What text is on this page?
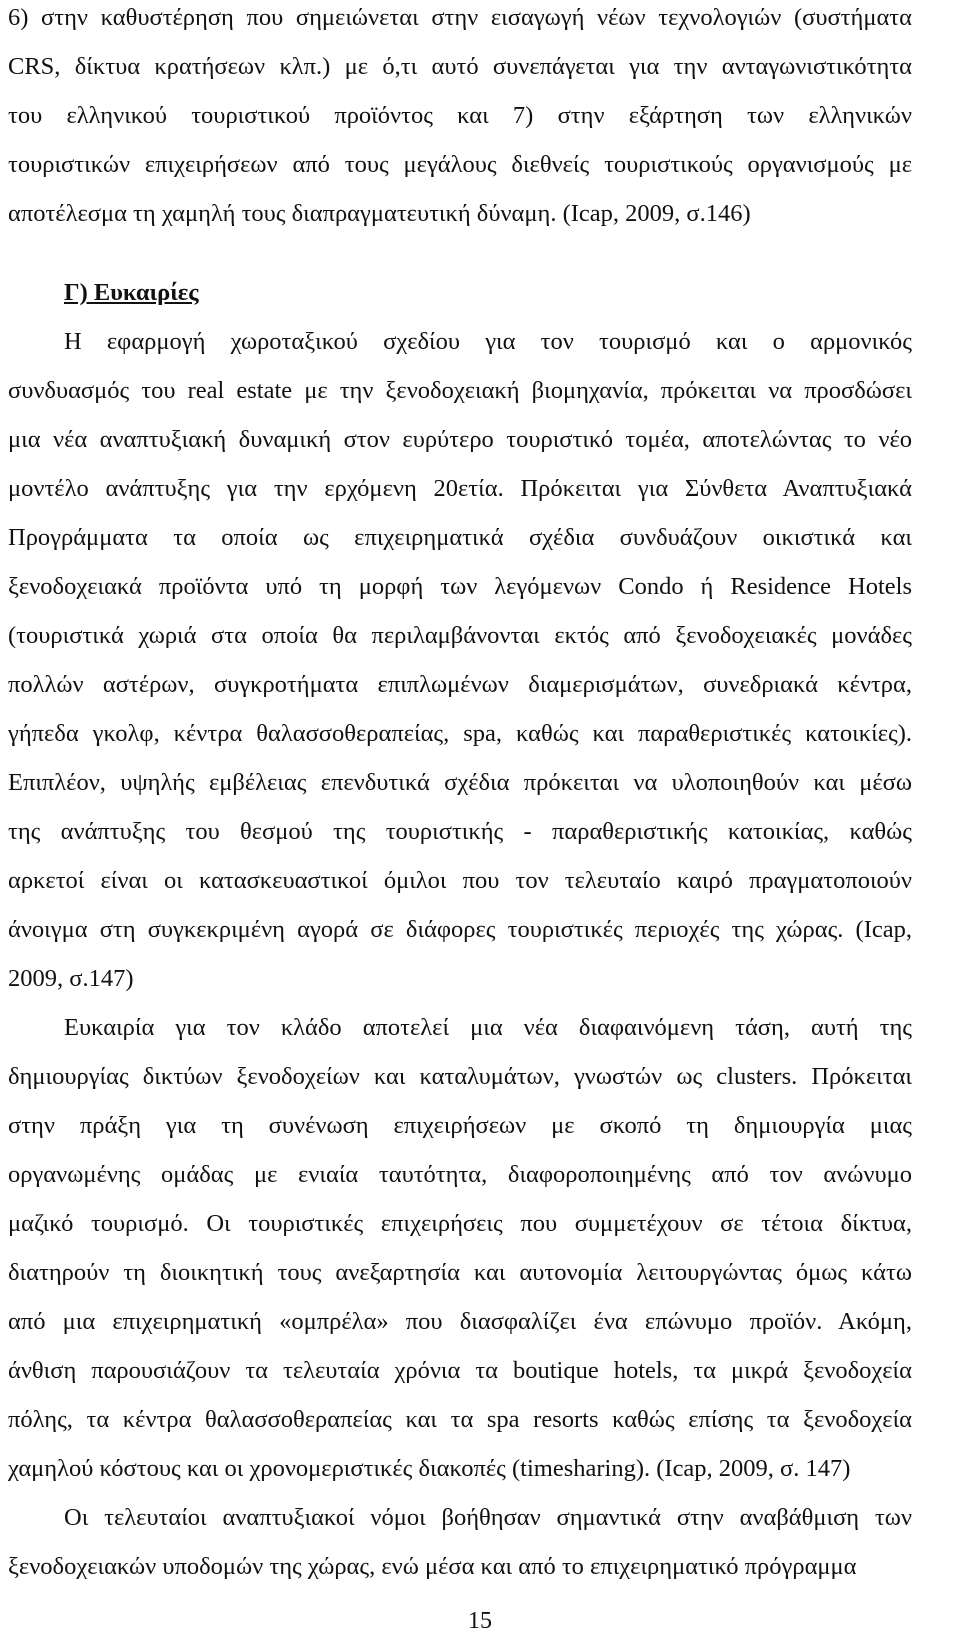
6) στην καθυστέρηση που σημειώνεται στην εισαγωγή νέων τεχνολογιών (συστήματα
CRS, δίκτυα κρατήσεων κλπ.) με ό,τι αυτό συνεπάγεται για την ανταγωνιστικότητα
του ελληνικού τουριστικού προϊόντος και 7) στην εξάρτηση των ελληνικών
τουριστικών επιχειρήσεων από τους μεγάλους διεθνείς τουριστικούς οργανισμούς με
αποτέλεσμα τη χαμηλή τους διαπραγματευτική δύναμη. (Icap, 2009, σ.146)
Γ) Ευκαιρίες
Η εφαρμογή χωροταξικού σχεδίου για τον τουρισμό και ο αρμονικός
συνδυασμός του real estate με την ξενοδοχειακή βιομηχανία, πρόκειται να προσδώσει
μια νέα αναπτυξιακή δυναμική στον ευρύτερο τουριστικό τομέα, αποτελώντας το νέο
μοντέλο ανάπτυξης για την ερχόμενη 20ετία. Πρόκειται για Σύνθετα Αναπτυξιακά
Προγράμματα τα οποία ως επιχειρηματικά σχέδια συνδυάζουν οικιστικά και
ξενοδοχειακά προϊόντα υπό τη μορφή των λεγόμενων Condo ή Residence Hotels
(τουριστικά χωριά στα οποία θα περιλαμβάνονται εκτός από ξενοδοχειακές μονάδες
πολλών αστέρων, συγκροτήματα επιπλωμένων διαμερισμάτων, συνεδριακά κέντρα,
γήπεδα γκολφ, κέντρα θαλασσοθεραπείας, spa, καθώς και παραθεριστικές κατοικίες).
Επιπλέον, υψηλής εμβέλειας επενδυτικά σχέδια πρόκειται να υλοποιηθούν και μέσω
της ανάπτυξης του θεσμού της τουριστικής - παραθεριστικής κατοικίας, καθώς
αρκετοί είναι οι κατασκευαστικοί όμιλοι που τον τελευταίο καιρό πραγματοποιούν
άνοιγμα στη συγκεκριμένη αγορά σε διάφορες τουριστικές περιοχές της χώρας. (Icap,
2009, σ.147)
Ευκαιρία για τον κλάδο αποτελεί μια νέα διαφαινόμενη τάση, αυτή της
δημιουργίας δικτύων ξενοδοχείων και καταλυμάτων, γνωστών ως clusters. Πρόκειται
στην πράξη για τη συνένωση επιχειρήσεων με σκοπό τη δημιουργία μιας
οργανωμένης ομάδας με ενιαία ταυτότητα, διαφοροποιημένης από τον ανώνυμο
μαζικό τουρισμό. Οι τουριστικές επιχειρήσεις που συμμετέχουν σε τέτοια δίκτυα,
διατηρούν τη διοικητική τους ανεξαρτησία και αυτονομία λειτουργώντας όμως κάτω
από μια επιχειρηματική «ομπρέλα» που διασφαλίζει ένα επώνυμο προϊόν. Ακόμη,
άνθιση παρουσιάζουν τα τελευταία χρόνια τα boutique hotels, τα μικρά ξενοδοχεία
πόλης, τα κέντρα θαλασσοθεραπείας και τα spa resorts καθώς επίσης τα ξενοδοχεία
χαμηλού κόστους και οι χρονομεριστικές διακοπές (timesharing). (Icap, 2009, σ. 147)
Οι τελευταίοι αναπτυξιακοί νόμοι βοήθησαν σημαντικά στην αναβάθμιση των
ξενοδοχειακών υποδομών της χώρας, ενώ μέσα και από το επιχειρηματικό πρόγραμμα
15
